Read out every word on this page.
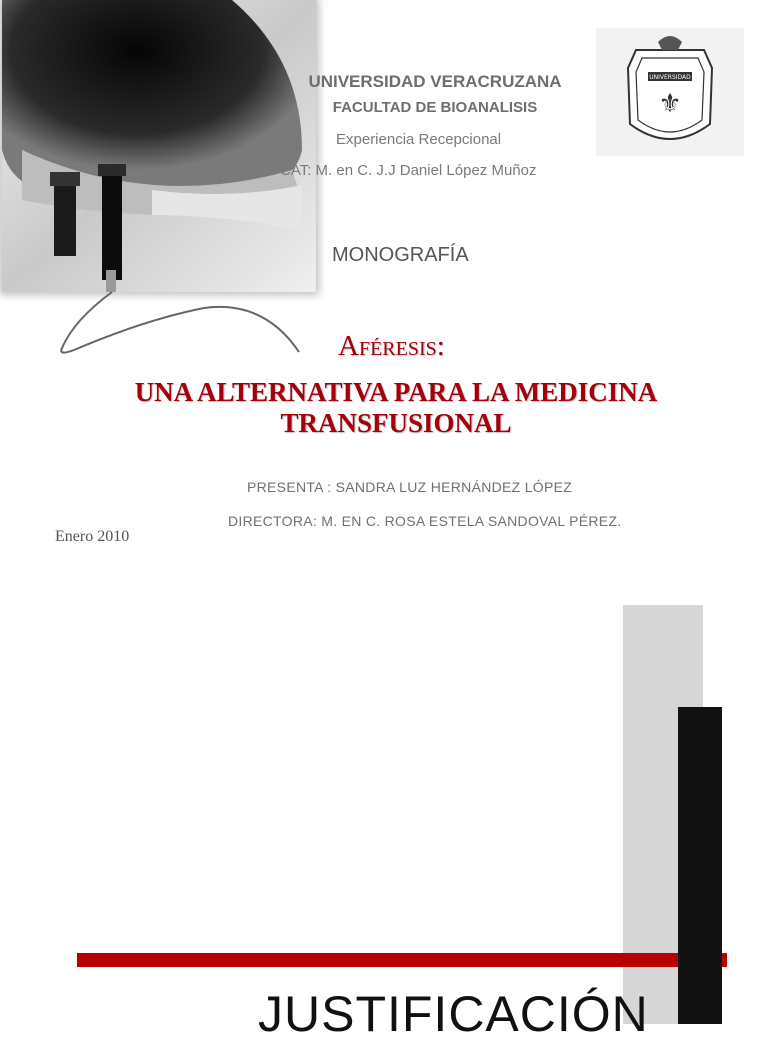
UNIVERSIDAD
⚜
UNIVERSIDAD VERACRUZANA
FACULTAD DE BIOANALISIS
Experiencia Recepcional
CAT: M. en C. J.J Daniel López Muñoz
MONOGRAFÍA
Aféresis:
UNA ALTERNATIVA PARA LA MEDICINA TRANSFUSIONAL
PRESENTA : SANDRA LUZ HERNÁNDEZ LÓPEZ
DIRECTORA: M. EN C. ROSA ESTELA SANDOVAL PÉREZ.
Enero 2010
JUSTIFICACIÓN
